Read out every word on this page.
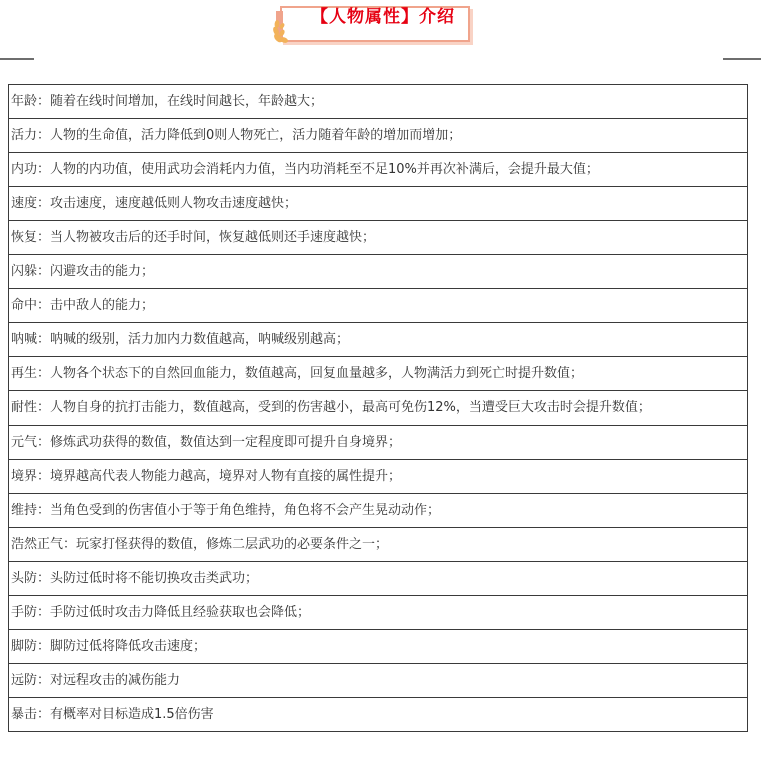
【人物属性】介绍
年龄：随着在线时间增加，在线时间越长，年龄越大；
活力：人物的生命值，活力降低到0则人物死亡，活力随着年龄的增加而增加；
内功：人物的内功值，使用武功会消耗内力值，当内功消耗至不足10%并再次补满后，会提升最大值；
速度：攻击速度，速度越低则人物攻击速度越快；
恢复：当人物被攻击后的还手时间，恢复越低则还手速度越快；
闪躲：闪避攻击的能力；
命中：击中敌人的能力；
呐喊：呐喊的级别，活力加内力数值越高，呐喊级别越高；
再生：人物各个状态下的自然回血能力，数值越高，回复血量越多，人物满活力到死亡时提升数值；
耐性：人物自身的抗打击能力，数值越高，受到的伤害越小，最高可免伤12%，当遭受巨大攻击时会提升数值；
元气：修炼武功获得的数值，数值达到一定程度即可提升自身境界；
境界：境界越高代表人物能力越高，境界对人物有直接的属性提升；
维持：当角色受到的伤害值小于等于角色维持，角色将不会产生晃动动作；
浩然正气：玩家打怪获得的数值，修炼二层武功的必要条件之一；
头防：头防过低时将不能切换攻击类武功；
手防：手防过低时攻击力降低且经验获取也会降低；
脚防：脚防过低将降低攻击速度；
远防：对远程攻击的减伤能力
暴击：有概率对目标造成1.5倍伤害
